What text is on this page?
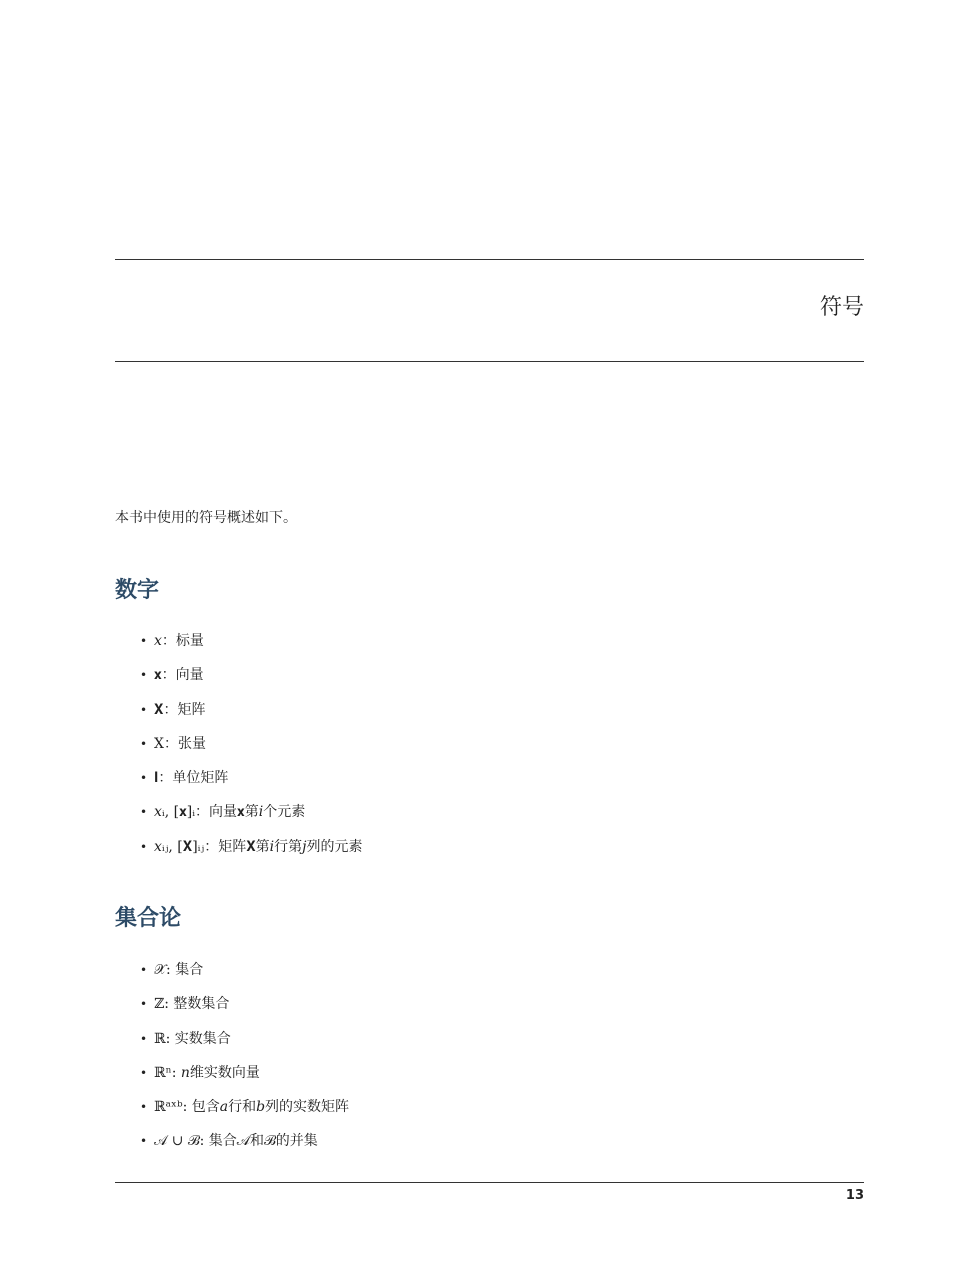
符号

本书中使用的符号概述如下。

数字
• 𝑥：标量
• 𝐱：向量
• 𝐗：矩阵
• X：张量
• 𝐈：单位矩阵
• 𝑥ᵢ, [𝐱]ᵢ：向量𝐱第𝑖个元素
• 𝑥ᵢⱼ, [𝐗]ᵢⱼ：矩阵𝐗第𝑖行第𝑗列的元素
集合论
• 𝒳: 集合
• ℤ: 整数集合
• ℝ: 实数集合
• ℝⁿ: 𝑛维实数向量
• ℝᵃˣᵇ: 包含𝑎行和𝑏列的实数矩阵
• 𝒜 ∪ ℬ: 集合𝒜和ℬ的并集

13
